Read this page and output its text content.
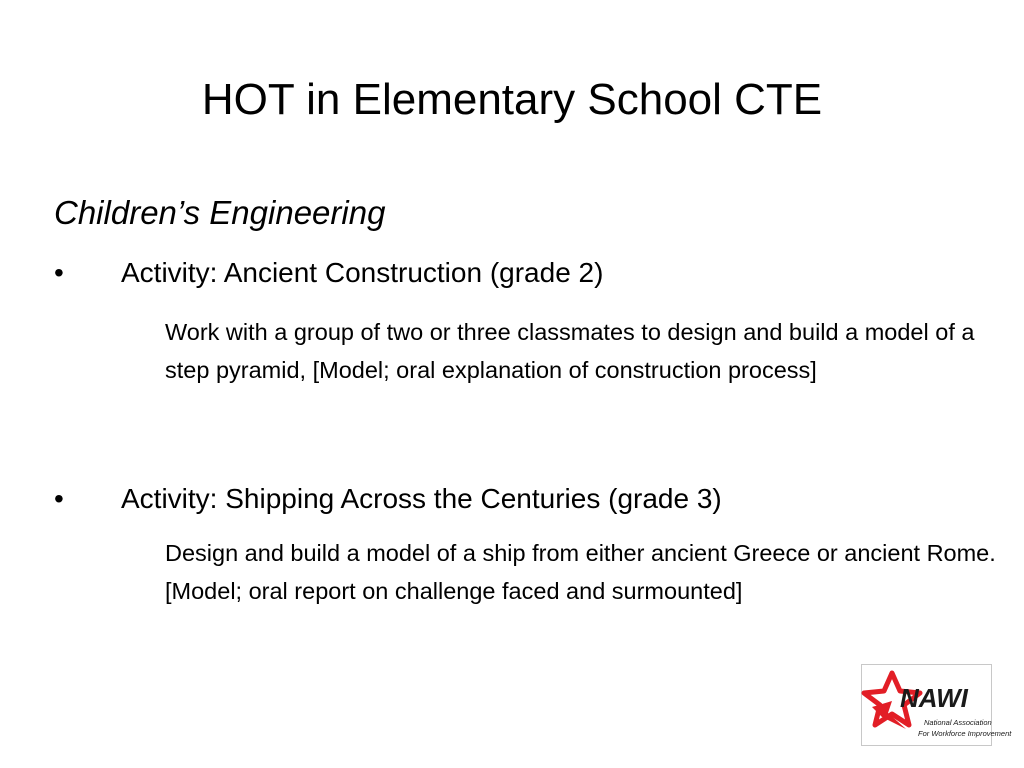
HOT in Elementary School CTE
Children’s Engineering
• Activity: Ancient Construction (grade 2)
Work with a group of two or three classmates to design and build a model of a step pyramid, [Model; oral explanation of construction process]
• Activity: Shipping Across the Centuries (grade 3)
Design and build a model of a ship from either ancient Greece or ancient Rome. [Model; oral report on challenge faced and surmounted]
NAWI
National Association
For Workforce Improvement
